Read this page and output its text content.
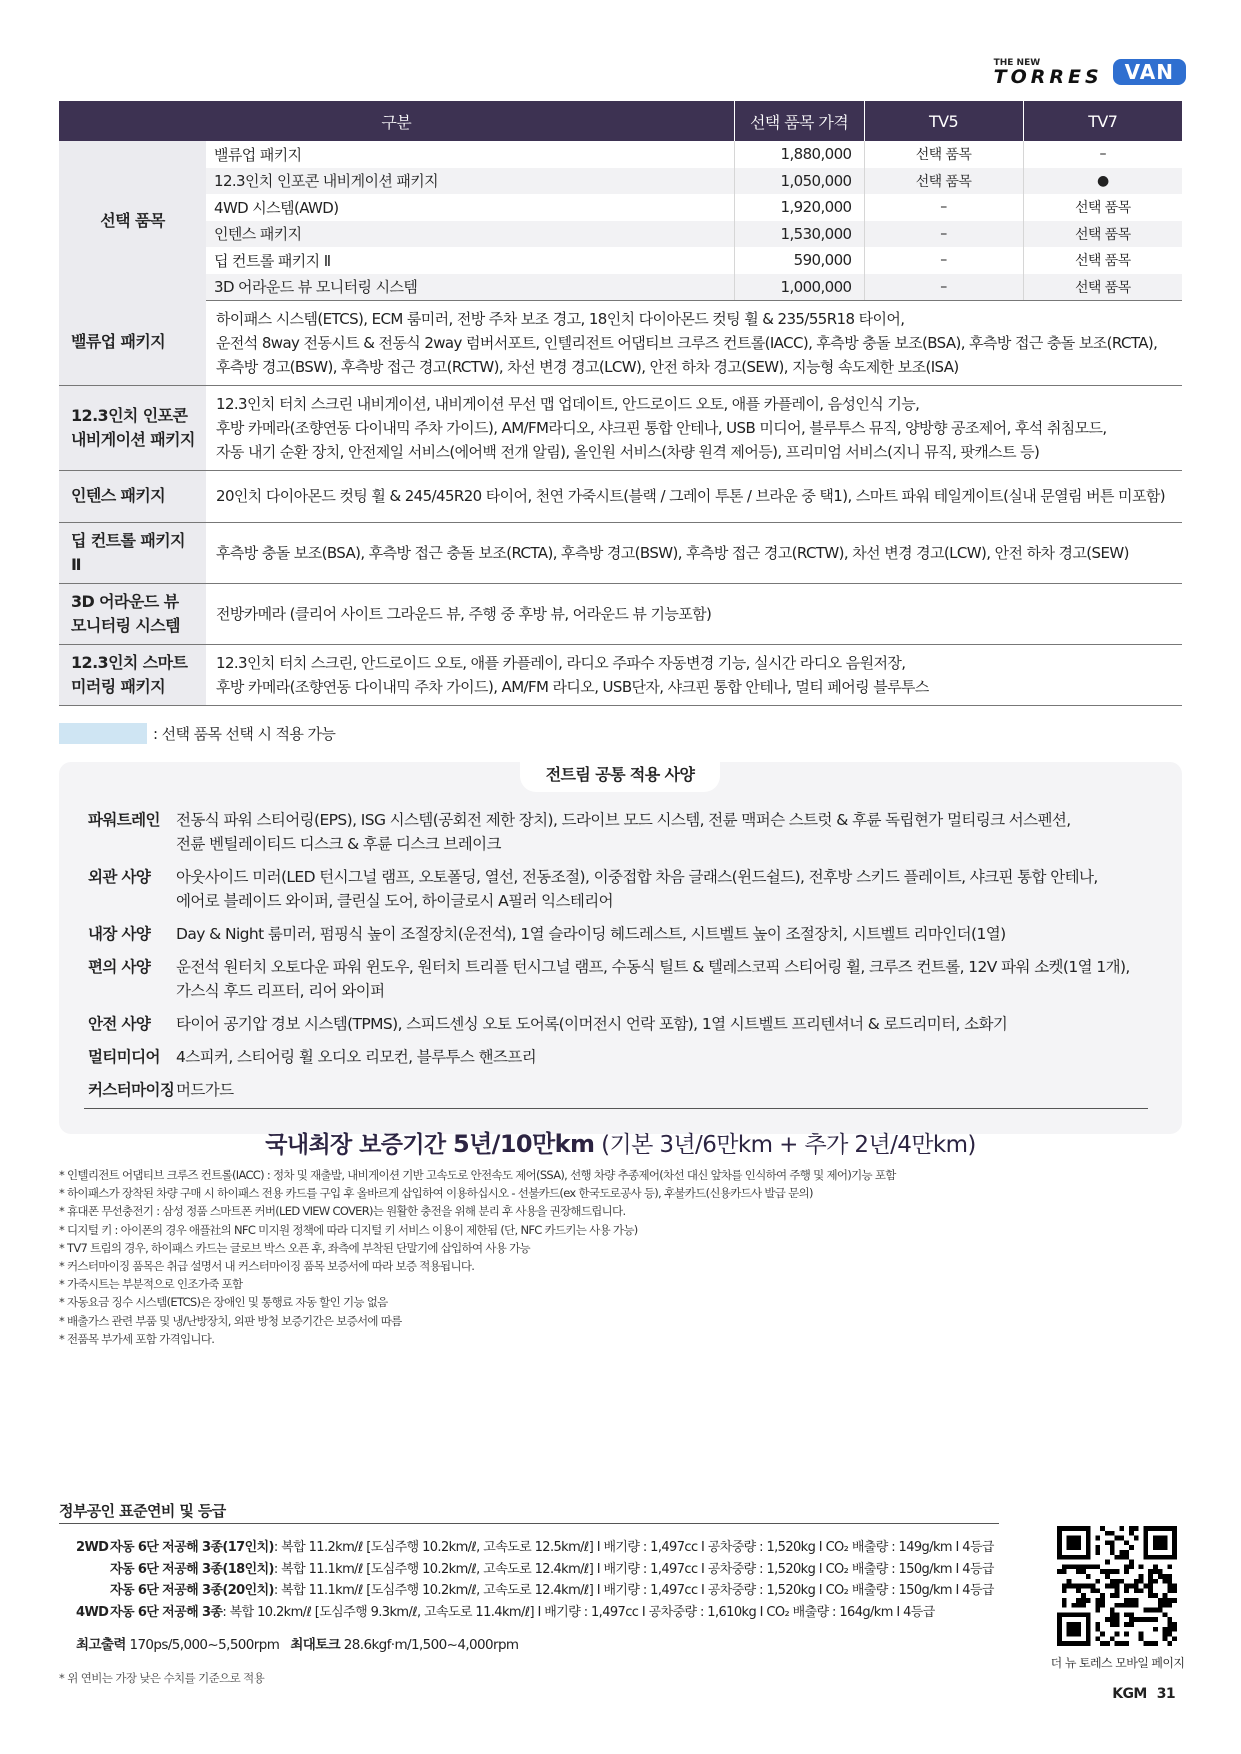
THE NEW
TORRES	VAN
구분		선택 품목 가격	TV5	TV7
선택 품목	밸류업 패키지	1,880,000	선택 품목	–
	12.3인치 인포콘 내비게이션 패키지	1,050,000	선택 품목	●
	4WD 시스템(AWD)	1,920,000	–	선택 품목
	인텐스 패키지	1,530,000	–	선택 품목
	딥 컨트롤 패키지 Ⅱ	590,000	–	선택 품목
	3D 어라운드 뷰 모니터링 시스템	1,000,000	–	선택 품목
밸류업 패키지	하이패스 시스템(ETCS), ECM 룸미러, 전방 주차 보조 경고, 18인치 다이아몬드 컷팅 휠 & 235/55R18 타이어,
운전석 8way 전동시트 & 전동식 2way 럼버서포트, 인텔리전트 어댑티브 크루즈 컨트롤(IACC), 후측방 충돌 보조(BSA), 후측방 접근 충돌 보조(RCTA),
후측방 경고(BSW), 후측방 접근 경고(RCTW), 차선 변경 경고(LCW), 안전 하차 경고(SEW), 지능형 속도제한 보조(ISA)			
12.3인치 인포콘
내비게이션 패키지	12.3인치 터치 스크린 내비게이션, 내비게이션 무선 맵 업데이트, 안드로이드 오토, 애플 카플레이, 음성인식 기능,
후방 카메라(조향연동 다이내믹 주차 가이드), AM/FM라디오, 샤크핀 통합 안테나, USB 미디어, 블루투스 뮤직, 양방향 공조제어, 후석 취침모드,
자동 내기 순환 장치, 안전제일 서비스(에어백 전개 알림), 올인원 서비스(차량 원격 제어등), 프리미엄 서비스(지니 뮤직, 팟캐스트 등)			
인텐스 패키지	20인치 다이아몬드 컷팅 휠 & 245/45R20 타이어, 천연 가죽시트(블랙 / 그레이 투톤 / 브라운 중 택1), 스마트 파워 테일게이트(실내 문열림 버튼 미포함)			
딥 컨트롤 패키지 Ⅱ	후측방 충돌 보조(BSA), 후측방 접근 충돌 보조(RCTA), 후측방 경고(BSW), 후측방 접근 경고(RCTW), 차선 변경 경고(LCW), 안전 하차 경고(SEW)			
3D 어라운드 뷰
모니터링 시스템	전방카메라 (클리어 사이트 그라운드 뷰, 주행 중 후방 뷰, 어라운드 뷰 기능포함)			
12.3인치 스마트
미러링 패키지	12.3인치 터치 스크린, 안드로이드 오토, 애플 카플레이, 라디오 주파수 자동변경 기능, 실시간 라디오 음원저장,
후방 카메라(조향연동 다이내믹 주차 가이드), AM/FM 라디오, USB단자, 샤크핀 통합 안테나, 멀티 페어링 블루투스			
: 선택 품목 선택 시 적용 가능
전트림 공통 적용 사양
파워트레인	전동식 파워 스티어링(EPS), ISG 시스템(공회전 제한 장치), 드라이브 모드 시스템, 전륜 맥퍼슨 스트럿 & 후륜 독립현가 멀티링크 서스펜션,
전륜 벤틸레이티드 디스크 & 후륜 디스크 브레이크
외관 사양	아웃사이드 미러(LED 턴시그널 램프, 오토폴딩, 열선, 전동조절), 이중접합 차음 글래스(윈드쉴드), 전후방 스키드 플레이트, 샤크핀 통합 안테나,
에어로 블레이드 와이퍼, 클린실 도어, 하이글로시 A필러 익스테리어
내장 사양	Day & Night 룸미러, 펌핑식 높이 조절장치(운전석), 1열 슬라이딩 헤드레스트, 시트벨트 높이 조절장치, 시트벨트 리마인더(1열)
편의 사양	운전석 원터치 오토다운 파워 윈도우, 원터치 트리플 턴시그널 램프, 수동식 틸트 & 텔레스코픽 스티어링 휠, 크루즈 컨트롤, 12V 파워 소켓(1열 1개),
가스식 후드 리프터, 리어 와이퍼
안전 사양	타이어 공기압 경보 시스템(TPMS), 스피드센싱 오토 도어록(이머전시 언락 포함), 1열 시트벨트 프리텐셔너 & 로드리미터, 소화기
멀티미디어	4스피커, 스티어링 휠 오디오 리모컨, 블루투스 핸즈프리
커스터마이징 머드가드
국내최장 보증기간 5년/10만km (기본 3년/6만km + 추가 2년/4만km)
* 인텔리전트 어댑티브 크루즈 컨트롤(IACC) : 정차 및 재출발, 내비게이션 기반 고속도로 안전속도 제어(SSA), 선행 차량 추종제어(차선 대신 앞차를 인식하여 주행 및 제어)기능 포함
* 하이패스가 장착된 차량 구매 시 하이패스 전용 카드를 구입 후 올바르게 삽입하여 이용하십시오 - 선불카드(ex 한국도로공사 등), 후불카드(신용카드사 발급 문의)
* 휴대폰 무선충전기 : 삼성 정품 스마트폰 커버(LED VIEW COVER)는 원활한 충전을 위해 분리 후 사용을 권장해드립니다.
* 디지털 키 : 아이폰의 경우 애플社의 NFC 미지원 정책에 따라 디지털 키 서비스 이용이 제한됨 (단, NFC 카드키는 사용 가능)
* TV7 트림의 경우, 하이패스 카드는 글로브 박스 오픈 후, 좌측에 부착된 단말기에 삽입하여 사용 가능
* 커스터마이징 품목은 취급 설명서 내 커스터마이징 품목 보증서에 따라 보증 적용됩니다.
* 가죽시트는 부분적으로 인조가죽 포함
* 자동요금 징수 시스템(ETCS)은 장애인 및 통행료 자동 할인 기능 없음
* 배출가스 관련 부품 및 냉/난방장치, 외판 방청 보증기간은 보증서에 따름
* 전품목 부가세 포함 가격입니다.
정부공인 표준연비 및 등급
2WD 자동 6단 저공해 3종(17인치) : 복합 11.2km/ℓ [도심주행 10.2km/ℓ, 고속도로 12.5km/ℓ] I 배기량 : 1,497cc I 공차중량 : 1,520kg I CO₂ 배출량 : 149g/km I 4등급
자동 6단 저공해 3종(18인치) : 복합 11.1km/ℓ [도심주행 10.2km/ℓ, 고속도로 12.4km/ℓ] I 배기량 : 1,497cc I 공차중량 : 1,520kg I CO₂ 배출량 : 150g/km I 4등급
자동 6단 저공해 3종(20인치) : 복합 11.1km/ℓ [도심주행 10.2km/ℓ, 고속도로 12.4km/ℓ] I 배기량 : 1,497cc I 공차중량 : 1,520kg I CO₂ 배출량 : 150g/km I 4등급
4WD 자동 6단 저공해 3종 : 복합 10.2km/ℓ [도심주행 9.3km/ℓ, 고속도로 11.4km/ℓ] I 배기량 : 1,497cc I 공차중량 : 1,610kg I CO₂ 배출량 : 164g/km I 4등급
최고출력 170ps/5,000~5,500rpm 최대토크 28.6kgf·m/1,500~4,000rpm
* 위 연비는 가장 낮은 수치를 기준으로 적용
더 뉴 토레스 모바일 페이지
KGM 31
